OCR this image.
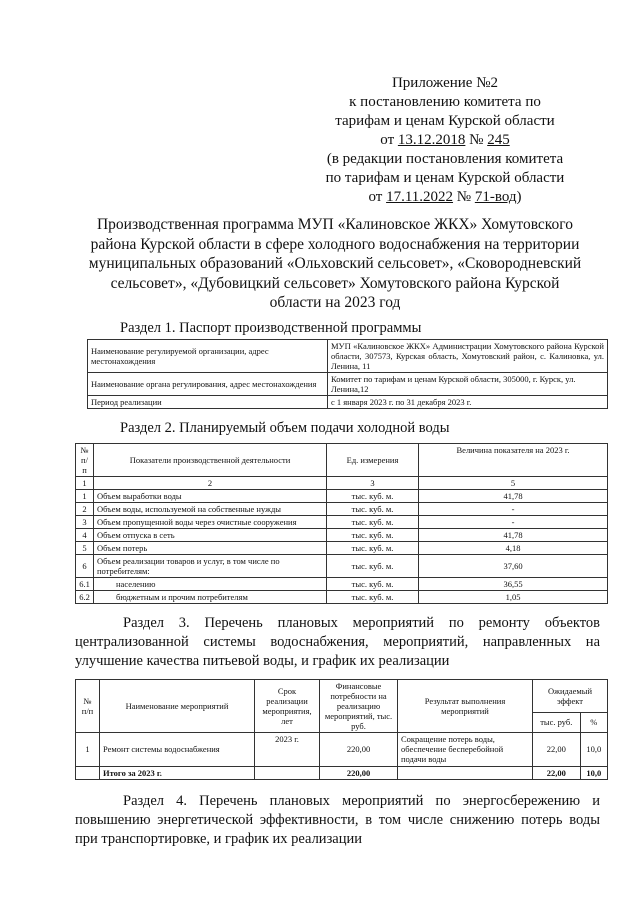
Приложение №2
к постановлению комитета по
тарифам и ценам Курской области
от 13.12.2018 № 245
(в редакции постановления комитета
по тарифам и ценам Курской области
от 17.11.2022 № 71-вод)
Производственная программа МУП «Калиновское ЖКХ» Хомутовского
района Курской области в сфере холодного водоснабжения на территории
муниципальных образований «Ольховский сельсовет», «Сковородневский
сельсовет», «Дубовицкий сельсовет» Хомутовского района Курской
области на 2023 год
Раздел 1. Паспорт производственной программы
Наименование регулируемой организации, адрес местонахождения	МУП «Калиновское ЖКХ» Администрации Хомутовского района Курской области, 307573, Курская область, Хомутовский район, с. Калиновка, ул. Ленина, 11
Наименование органа регулирования, адрес местонахождения	Комитет по тарифам и ценам Курской области, 305000, г. Курск, ул. Ленина,12
Период реализации	с 1 января 2023 г. по 31 декабря 2023 г.
Раздел 2. Планируемый объем подачи холодной воды
№ п/п	Показатели производственной деятельности	Ед. измерения	Величина показателя на 2023 г.
1	2	3	5
1	Объем выработки воды	тыс. куб. м.	41,78
2	Объем воды, используемой на собственные нужды	тыс. куб. м.	-
3	Объем пропущенной воды через очистные сооружения	тыс. куб. м.	-
4	Объем отпуска в сеть	тыс. куб. м.	41,78
5	Объем потерь	тыс. куб. м.	4,18
6	Объем реализации товаров и услуг, в том числе по потребителям:	тыс. куб. м.	37,60
6.1	населению	тыс. куб. м.	36,55
6.2	бюджетным и прочим потребителям	тыс. куб. м.	1,05
Раздел 3. Перечень плановых мероприятий по ремонту объектов централизованной системы водоснабжения, мероприятий, направленных на улучшение качества питьевой воды, и график их реализации
№ п/п	Наименование мероприятий	Срок реализации мероприятия, лет	Финансовые потребности на реализацию мероприятий, тыс. руб.	Результат выполнения мероприятий	Ожидаемый эффект	
					тыс. руб.	%
1	Ремонт системы водоснабжения	2023 г.	220,00	Сокращение потерь воды, обеспечение бесперебойной подачи воды	22,00	10,0
	Итого за 2023 г.		220,00		22,00	10,0
Раздел 4. Перечень плановых мероприятий по энергосбережению и повышению энергетической эффективности, в том числе снижению потерь воды при транспортировке, и график их реализации
